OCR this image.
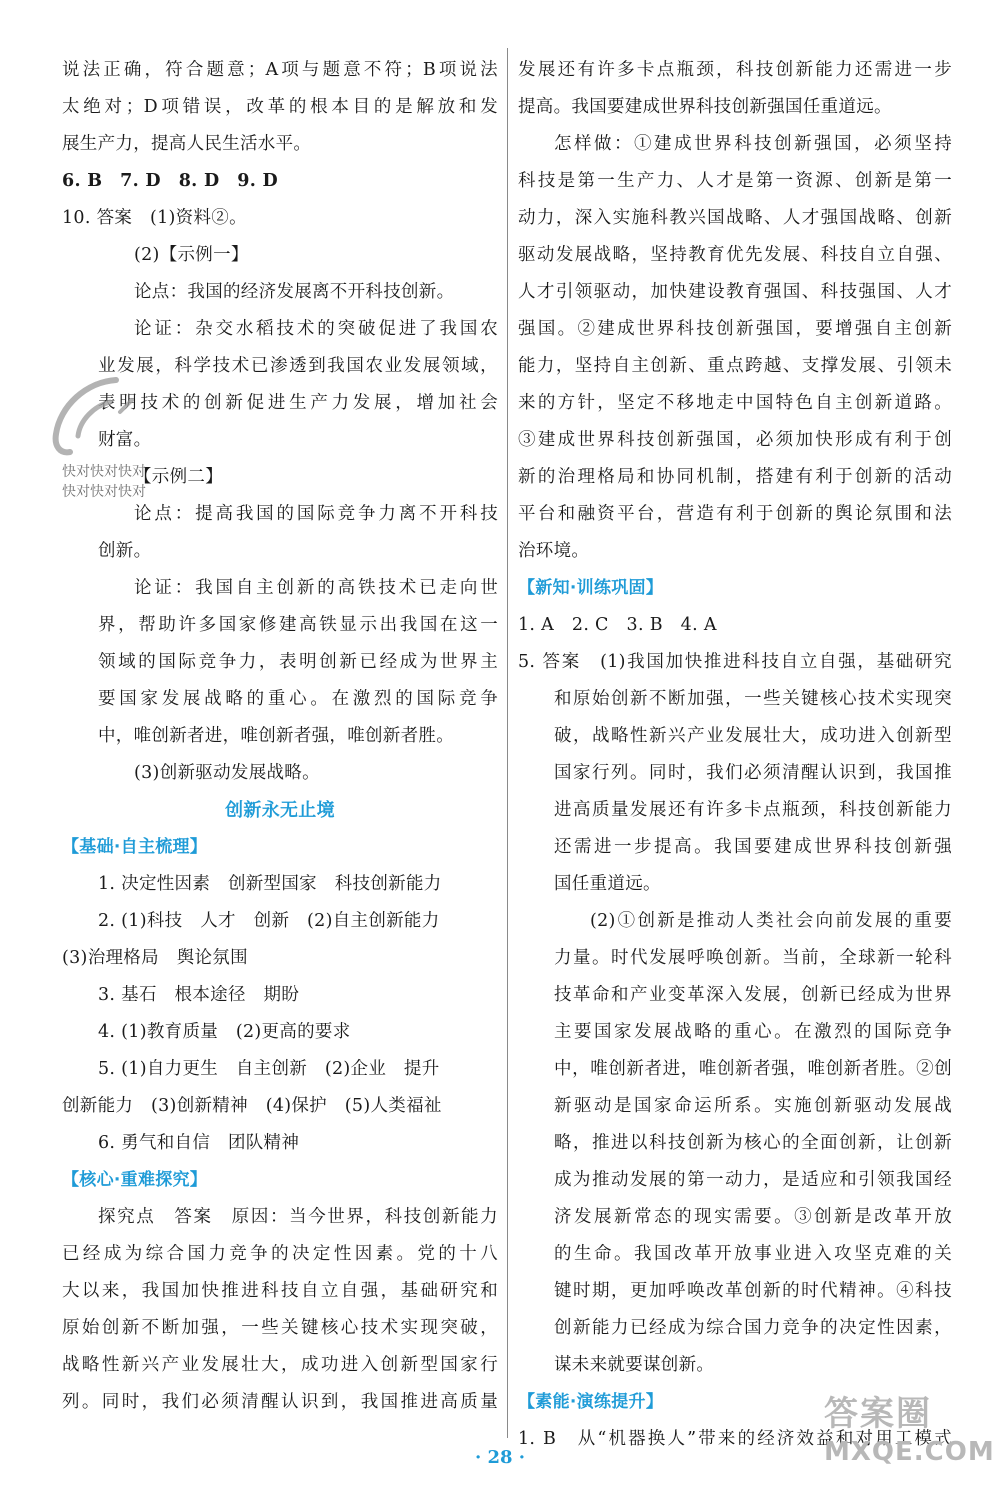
说法正确，符合题意；A项与题意不符；B项说法
太绝对；D项错误，改革的根本目的是解放和发
展生产力，提高人民生活水平。
6. B　7. D　8. D　9. D
10. 答案　(1)资料②。
(2)【示例一】
论点：我国的经济发展离不开科技创新。
论证：杂交水稻技术的突破促进了我国农
业发展，科学技术已渗透到我国农业发展领域，
表明技术的创新促进生产力发展，增加社会
财富。
【示例二】
论点：提高我国的国际竞争力离不开科技
创新。
论证：我国自主创新的高铁技术已走向世
界，帮助许多国家修建高铁显示出我国在这一
领域的国际竞争力，表明创新已经成为世界主
要国家发展战略的重心。在激烈的国际竞争
中，唯创新者进，唯创新者强，唯创新者胜。
(3)创新驱动发展战略。
创新永无止境
【基础·自主梳理】
1. 决定性因素　创新型国家　科技创新能力
2. (1)科技　人才　创新　(2)自主创新能力
(3)治理格局　舆论氛围
3. 基石　根本途径　期盼
4. (1)教育质量　(2)更高的要求
5. (1)自力更生　自主创新　(2)企业　提升
创新能力　(3)创新精神　(4)保护　(5)人类福祉
6. 勇气和自信　团队精神
【核心·重难探究】
探究点　答案　原因：当今世界，科技创新能力
已经成为综合国力竞争的决定性因素。党的十八
大以来，我国加快推进科技自立自强，基础研究和
原始创新不断加强，一些关键核心技术实现突破，
战略性新兴产业发展壮大，成功进入创新型国家行
列。同时，我们必须清醒认识到，我国推进高质量
发展还有许多卡点瓶颈，科技创新能力还需进一步
提高。我国要建成世界科技创新强国任重道远。
怎样做：①建成世界科技创新强国，必须坚持
科技是第一生产力、人才是第一资源、创新是第一
动力，深入实施科教兴国战略、人才强国战略、创新
驱动发展战略，坚持教育优先发展、科技自立自强、
人才引领驱动，加快建设教育强国、科技强国、人才
强国。②建成世界科技创新强国，要增强自主创新
能力，坚持自主创新、重点跨越、支撑发展、引领未
来的方针，坚定不移地走中国特色自主创新道路。
③建成世界科技创新强国，必须加快形成有利于创
新的治理格局和协同机制，搭建有利于创新的活动
平台和融资平台，营造有利于创新的舆论氛围和法
治环境。
【新知·训练巩固】
1. A　2. C　3. B　4. A
5. 答案　(1)我国加快推进科技自立自强，基础研究
和原始创新不断加强，一些关键核心技术实现突
破，战略性新兴产业发展壮大，成功进入创新型
国家行列。同时，我们必须清醒认识到，我国推
进高质量发展还有许多卡点瓶颈，科技创新能力
还需进一步提高。我国要建成世界科技创新强
国任重道远。
(2)①创新是推动人类社会向前发展的重要
力量。时代发展呼唤创新。当前，全球新一轮科
技革命和产业变革深入发展，创新已经成为世界
主要国家发展战略的重心。在激烈的国际竞争
中，唯创新者进，唯创新者强，唯创新者胜。②创
新驱动是国家命运所系。实施创新驱动发展战
略，推进以科技创新为核心的全面创新，让创新
成为推动发展的第一动力，是适应和引领我国经
济发展新常态的现实需要。③创新是改革开放
的生命。我国改革开放事业进入攻坚克难的关
键时期，更加呼唤改革创新的时代精神。④科技
创新能力已经成为综合国力竞争的决定性因素，
谋未来就要谋创新。
【素能·演练提升】
1. B　从“机器换人”带来的经济效益和对用工模式
快对快对快对
快对快对快对
· 28 ·
答案圈
MXQE.COM
